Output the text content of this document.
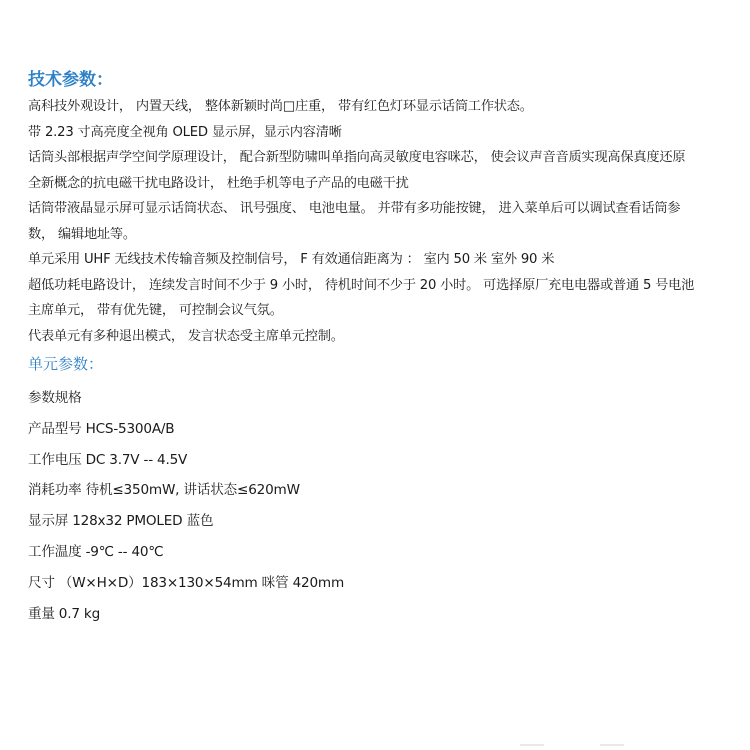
技术参数：

高科技外观设计， 内置天线， 整体新颖时尚□庄重， 带有红色灯环显示话筒工作状态。

带 2.23 寸高亮度全视角 OLED 显示屏，显示内容清晰

话筒头部根据声学空间学原理设计， 配合新型防啸叫单指向高灵敏度电容咪芯， 使会议声音音质实现高保真度还原

全新概念的抗电磁干扰电路设计， 杜绝手机等电子产品的电磁干扰

话筒带液晶显示屏可显示话筒状态、 讯号强度、 电池电量。 并带有多功能按键， 进入菜单后可以调试查看话筒参
数， 编辑地址等。

单元采用 UHF 无线技术传输音频及控制信号， F 有效通信距离为 ： 室内 50 米 室外 90 米

超低功耗电路设计， 连续发言时间不少于 9 小时， 待机时间不少于 20 小时。 可选择原厂充电电器或普通 5 号电池

主席单元， 带有优先键， 可控制会议气氛。

代表单元有多种退出模式， 发言状态受主席单元控制。

单元参数：
参数规格
产品型号 HCS-5300A/B
工作电压 DC 3.7V -- 4.5V
消耗功率 待机≤350mW, 讲话状态≤620mW
显示屏 128x32 PMOLED 蓝色
工作温度 -9℃ -- 40℃
尺寸 （W×H×D）183×130×54mm 咪管 420mm
重量 0.7 kg
